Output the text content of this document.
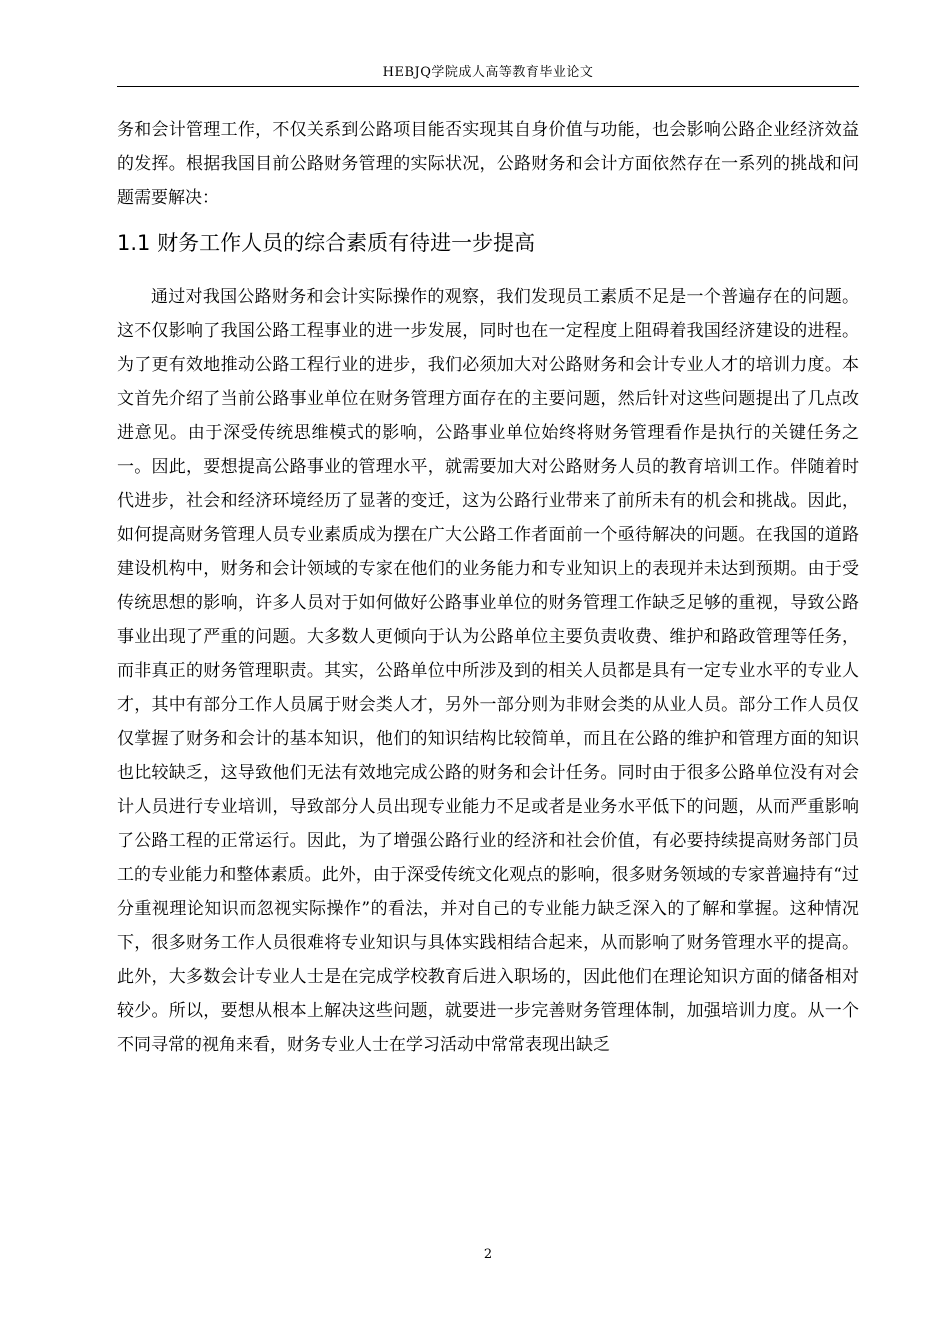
HEBJQ学院成人高等教育毕业论文

务和会计管理工作，不仅关系到公路项目能否实现其自身价值与功能，也会影响公路企业经济效益的发挥。根据我国目前公路财务管理的实际状况，公路财务和会计方面依然存在一系列的挑战和问题需要解决：

1.1 财务工作人员的综合素质有待进一步提高

通过对我国公路财务和会计实际操作的观察，我们发现员工素质不足是一个普遍存在的问题。这不仅影响了我国公路工程事业的进一步发展，同时也在一定程度上阻碍着我国经济建设的进程。为了更有效地推动公路工程行业的进步，我们必须加大对公路财务和会计专业人才的培训力度。本文首先介绍了当前公路事业单位在财务管理方面存在的主要问题，然后针对这些问题提出了几点改进意见。由于深受传统思维模式的影响，公路事业单位始终将财务管理看作是执行的关键任务之一。因此，要想提高公路事业的管理水平，就需要加大对公路财务人员的教育培训工作。伴随着时代进步，社会和经济环境经历了显著的变迁，这为公路行业带来了前所未有的机会和挑战。因此，如何提高财务管理人员专业素质成为摆在广大公路工作者面前一个亟待解决的问题。在我国的道路建设机构中，财务和会计领域的专家在他们的业务能力和专业知识上的表现并未达到预期。由于受传统思想的影响，许多人员对于如何做好公路事业单位的财务管理工作缺乏足够的重视，导致公路事业出现了严重的问题。大多数人更倾向于认为公路单位主要负责收费、维护和路政管理等任务，而非真正的财务管理职责。其实，公路单位中所涉及到的相关人员都是具有一定专业水平的专业人才，其中有部分工作人员属于财会类人才，另外一部分则为非财会类的从业人员。部分工作人员仅仅掌握了财务和会计的基本知识，他们的知识结构比较简单，而且在公路的维护和管理方面的知识也比较缺乏，这导致他们无法有效地完成公路的财务和会计任务。同时由于很多公路单位没有对会计人员进行专业培训，导致部分人员出现专业能力不足或者是业务水平低下的问题，从而严重影响了公路工程的正常运行。因此，为了增强公路行业的经济和社会价值，有必要持续提高财务部门员工的专业能力和整体素质。此外，由于深受传统文化观点的影响，很多财务领域的专家普遍持有“过分重视理论知识而忽视实际操作”的看法，并对自己的专业能力缺乏深入的了解和掌握。这种情况下，很多财务工作人员很难将专业知识与具体实践相结合起来，从而影响了财务管理水平的提高。此外，大多数会计专业人士是在完成学校教育后进入职场的，因此他们在理论知识方面的储备相对较少。所以，要想从根本上解决这些问题，就要进一步完善财务管理体制，加强培训力度。从一个不同寻常的视角来看，财务专业人士在学习活动中常常表现出缺乏

2
